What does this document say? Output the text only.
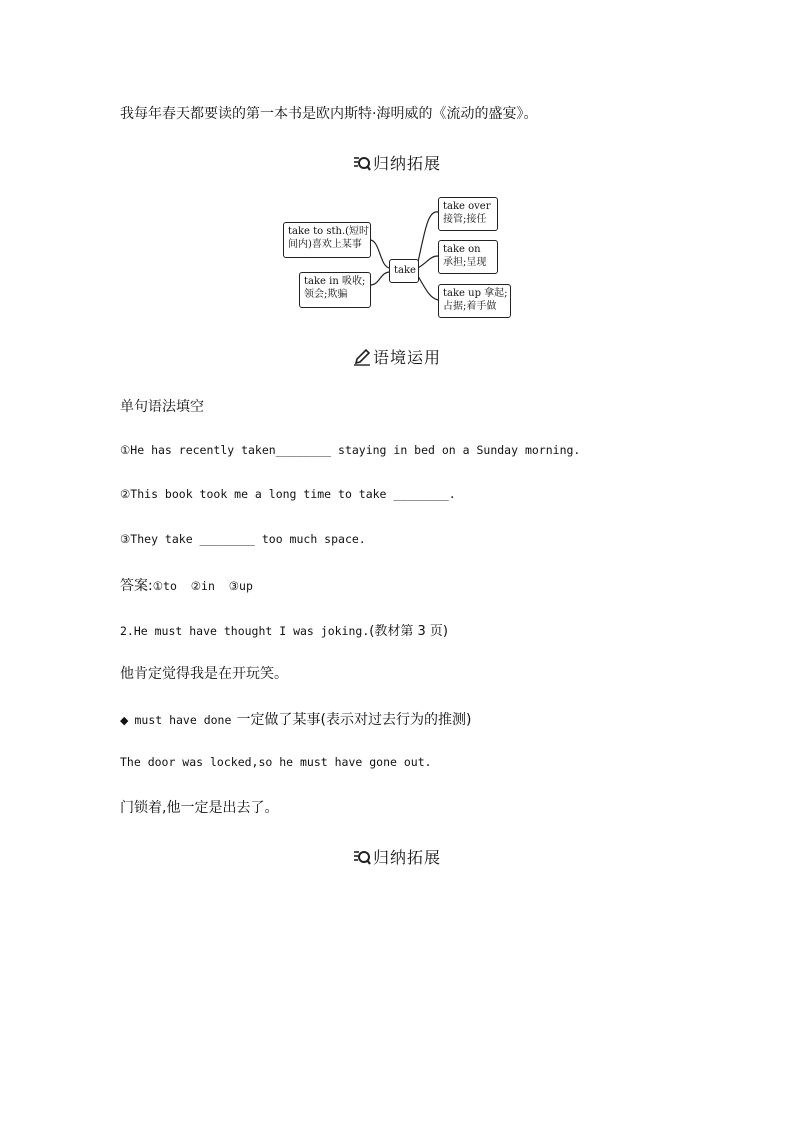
我每年春天都要读的第一本书是欧内斯特·海明威的《流动的盛宴》。
归纳拓展
take to sth.(短时
间内)喜欢上某事
take in 吸收;
领会;欺骗
take
take over
接管;接任
take on
承担;呈现
take up 拿起;
占据;着手做
语境运用
单句语法填空
①He has recently taken________ staying in bed on a Sunday morning.
②This book took me a long time to take ________.
③They take ________ too much space.
答案:①to  ②in  ③up
2.He must have thought I was joking.(教材第 3 页)
他肯定觉得我是在开玩笑。
◆ must have done 一定做了某事(表示对过去行为的推测)
The door was locked,so he must have gone out.
门锁着,他一定是出去了。
归纳拓展
